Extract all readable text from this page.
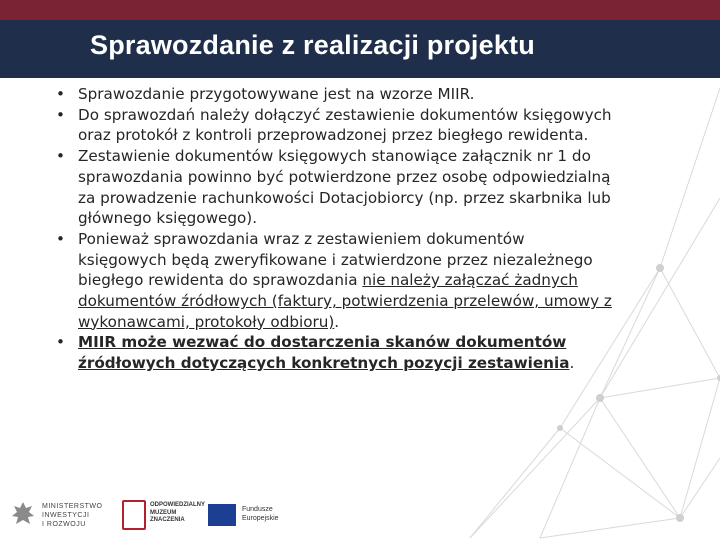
Sprawozdanie z realizacji projektu
• Sprawozdanie przygotowywane jest na wzorze MIIR.
• Do sprawozdań należy dołączyć zestawienie dokumentów księgowych oraz protokół z kontroli przeprowadzonej przez biegłego rewidenta.
• Zestawienie dokumentów księgowych stanowiące załącznik nr 1 do sprawozdania powinno być potwierdzone przez osobę odpowiedzialną za prowadzenie rachunkowości Dotacjobiorcy (np. przez skarbnika lub głównego księgowego).
• Ponieważ sprawozdania wraz z zestawieniem dokumentów księgowych będą zweryfikowane i zatwierdzone przez niezależnego biegłego rewidenta do sprawozdania nie należy załączać żadnych dokumentów źródłowych (faktury, potwierdzenia przelewów, umowy z wykonawcami, protokoły odbioru).
• MIIR może wezwać do dostarczenia skanów dokumentów źródłowych dotyczących konkretnych pozycji zestawienia.
MINISTERSTWO
INWESTYCJI
I ROZWOJU
ODPOWIEDZIALNY
MUZEUM
ZNACZENIA
Fundusze
Europejskie
